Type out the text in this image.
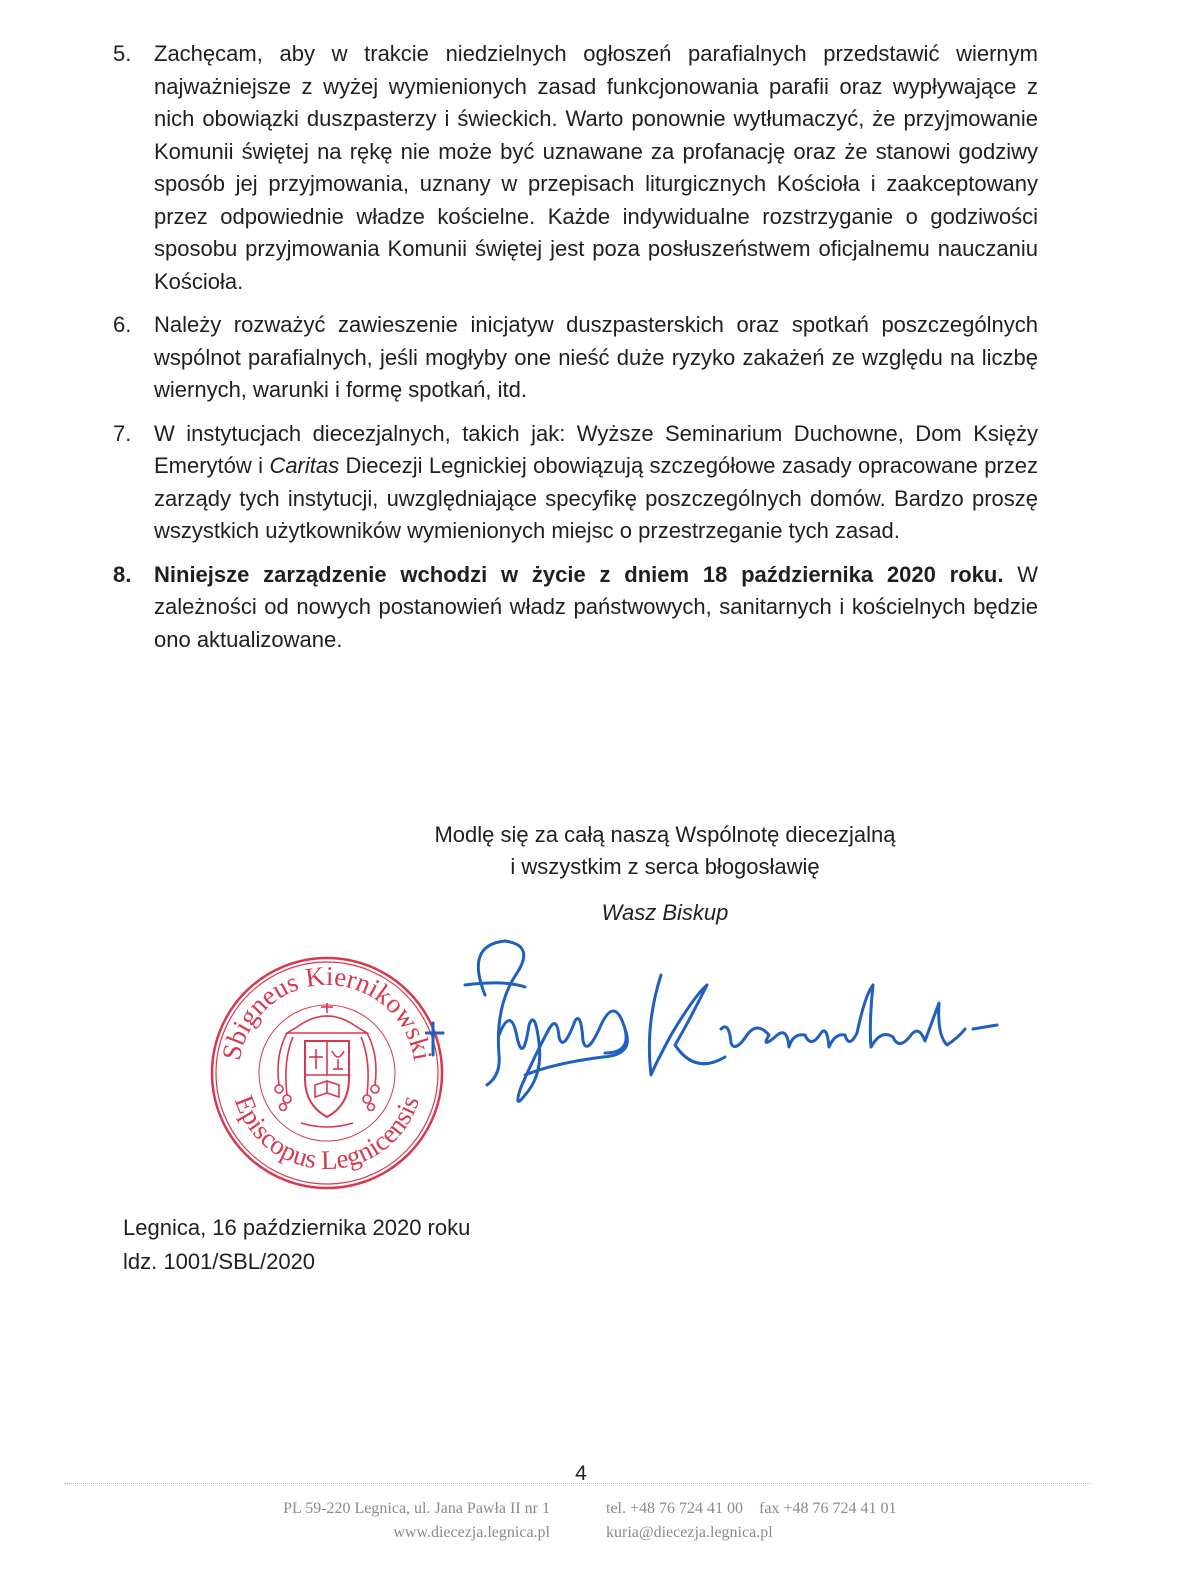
5.	Zachęcam, aby w trakcie niedzielnych ogłoszeń parafialnych przedstawić wiernym najważniejsze z wyżej wymienionych zasad funkcjonowania parafii oraz wypływające z nich obowiązki duszpasterzy i świeckich. Warto ponownie wytłumaczyć, że przyjmowanie Komunii świętej na rękę nie może być uznawane za profanację oraz że stanowi godziwy sposób jej przyjmowania, uznany w przepisach liturgicznych Kościoła i zaakceptowany przez odpowiednie władze kościelne. Każde indywidualne rozstrzyganie o godziwości sposobu przyjmowania Komunii świętej jest poza posłuszeństwem oficjalnemu nauczaniu Kościoła.
6.	Należy rozważyć zawieszenie inicjatyw duszpasterskich oraz spotkań poszczególnych wspólnot parafialnych, jeśli mogłyby one nieść duże ryzyko zakażeń ze względu na liczbę wiernych, warunki i formę spotkań, itd.
7.	W instytucjach diecezjalnych, takich jak: Wyższe Seminarium Duchowne, Dom Księży Emerytów i Caritas Diecezji Legnickiej obowiązują szczegółowe zasady opracowane przez zarządy tych instytucji, uwzględniające specyfikę poszczególnych domów. Bardzo proszę wszystkich użytkowników wymienionych miejsc o przestrzeganie tych zasad.
8.	Niniejsze zarządzenie wchodzi w życie z dniem 18 października 2020 roku. W zależności od nowych postanowień władz państwowych, sanitarnych i kościelnych będzie ono aktualizowane.
Modlę się za całą naszą Wspólnotę diecezjalną
i wszystkim z serca błogosławię
Wasz Biskup
Sbigneus Kiernikowski
Episcopus Legnicensis
Legnica, 16 października 2020 roku
ldz. 1001/SBL/2020
4
PL 59-220 Legnica, ul. Jana Pawła II nr 1
www.diecezja.legnica.pl
tel. +48 76 724 41 00    fax +48 76 724 41 01
kuria@diecezja.legnica.pl
